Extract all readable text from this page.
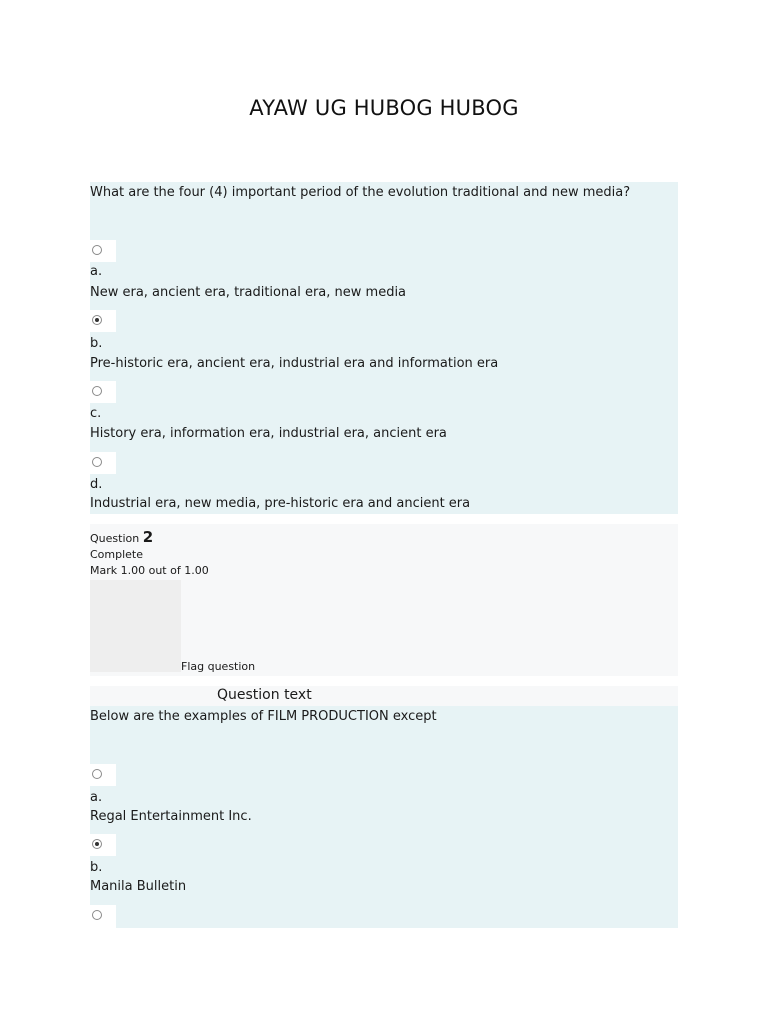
AYAW UG HUBOG HUBOG
What are the four (4) important period of the evolution traditional and new media?
a.
New era, ancient era, traditional era, new media
b.
Pre-historic era, ancient era, industrial era and information era
c.
History era, information era, industrial era, ancient era
d.
Industrial era, new media, pre-historic era and ancient era
Question 2
Complete
Mark 1.00 out of 1.00
Flag question
Question text
Below are the examples of FILM PRODUCTION except
a.
Regal Entertainment Inc.
b.
Manila Bulletin
